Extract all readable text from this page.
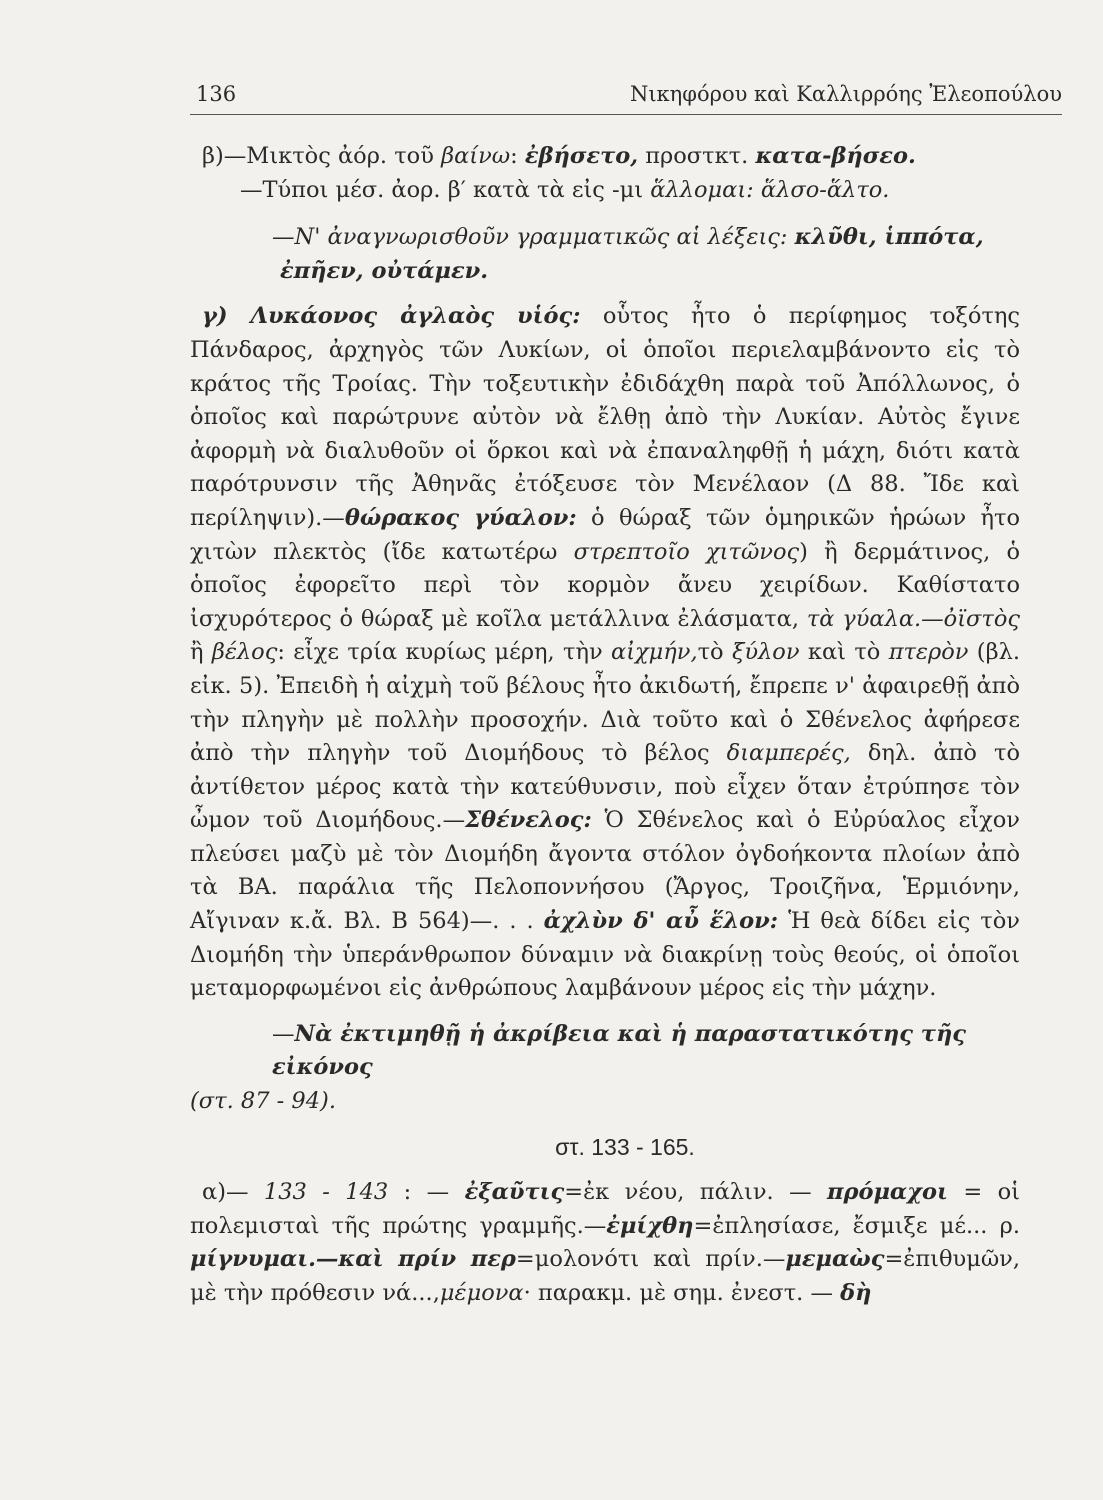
136	Νικηφόρου καὶ Καλλιρρόης Ἐλεοπούλου

β)—Μικτὸς ἀόρ. τοῦ βαίνω: ἐβήσετο, προστκτ. κατα-βήσεο.

—Τύποι μέσ. ἀορ. β′ κατὰ τὰ εἰς -μι ἅλλομαι: ἅλσο-ἅλτο.

—Ν' ἀναγνωρισθοῦν γραμματικῶς αἱ λέξεις: κλῦθι, ἱππότα,

ἐπῆεν, οὐτάμεν.

γ) Λυκάονος ἀγλαὸς υἱός: οὗτος ἦτο ὁ περίφημος τοξότης Πάνδαρος, ἀρχηγὸς τῶν Λυκίων, οἱ ὁποῖοι περιελαμβάνοντο εἰς τὸ κράτος τῆς Τροίας. Τὴν τοξευτικὴν ἐδιδάχθη παρὰ τοῦ Ἀπόλλωνος, ὁ ὁποῖος καὶ παρώτρυνε αὐτὸν νὰ ἔλθῃ ἀπὸ τὴν Λυκίαν. Αὐτὸς ἔγινε ἀφορμὴ νὰ διαλυθοῦν οἱ ὅρκοι καὶ νὰ ἐπαναληφθῇ ἡ μάχη, διότι κατὰ παρότρυνσιν τῆς Ἀθηνᾶς ἐτόξευσε τὸν Μενέλαον (Δ 88. Ἴδε καὶ περίληψιν).—θώρακος γύαλον: ὁ θώραξ τῶν ὁμηρικῶν ἡρώων ἦτο χιτὼν πλεκτὸς (ἴδε κατωτέρω στρεπτοῖο χιτῶνος) ἢ δερμάτινος, ὁ ὁποῖος ἐφορεῖτο περὶ τὸν κορμὸν ἄνευ χειρίδων. Καθίστατο ἰσχυρότερος ὁ θώραξ μὲ κοῖλα μετάλλινα ἐλάσματα, τὰ γύαλα.—ὀϊστὸς ἢ βέλος: εἶχε τρία κυρίως μέρη, τὴν αἰχμήν,τὸ ξύλον καὶ τὸ πτερὸν (βλ. εἰκ. 5). Ἐπειδὴ ἡ αἰχμὴ τοῦ βέλους ἦτο ἀκιδωτή, ἔπρεπε ν' ἀφαιρεθῇ ἀπὸ τὴν πληγὴν μὲ πολλὴν προσοχήν. Διὰ τοῦτο καὶ ὁ Σθένελος ἀφήρεσε ἀπὸ τὴν πληγὴν τοῦ Διομήδους τὸ βέλος διαμπερές, δηλ. ἀπὸ τὸ ἀντίθετον μέρος κατὰ τὴν κατεύθυνσιν, ποὺ εἶχεν ὅταν ἐτρύπησε τὸν ὦμον τοῦ Διομήδους.—Σθένελος: Ὁ Σθένελος καὶ ὁ Εὐρύαλος εἶχον πλεύσει μαζὺ μὲ τὸν Διομήδη ἄγοντα στόλον ὀγδοήκοντα πλοίων ἀπὸ τὰ ΒΑ. παράλια τῆς Πελοποννήσου (Ἄργος, Τροιζῆνα, Ἑρμιόνην, Αἴγιναν κ.ἄ. Βλ. Β 564)—. . . ἀχλὺν δ' αὖ ἕλον: Ἡ θεὰ δίδει εἰς τὸν Διομήδη τὴν ὑπεράνθρωπον δύναμιν νὰ διακρίνῃ τοὺς θεούς, οἱ ὁποῖοι μεταμορφωμένοι εἰς ἀνθρώπους λαμβάνουν μέρος εἰς τὴν μάχην.

—Νὰ ἐκτιμηθῇ ἡ ἀκρίβεια καὶ ἡ παραστατικότης τῆς εἰκόνος

(στ. 87 - 94).

στ. 133 - 165.

α)— 133 - 143 : — ἐξαῦτις=ἐκ νέου, πάλιν. — πρόμαχοι = οἱ πολεμισταὶ τῆς πρώτης γραμμῆς.—ἐμίχθη=ἐπλησίασε, ἔσμιξε μέ... ρ. μίγνυμαι.—καὶ πρίν περ=μολονότι καὶ πρίν.—μεμαὼς=ἐπιθυμῶν, μὲ τὴν πρόθεσιν νά...,μέμονα· παρακμ. μὲ σημ. ἐνεστ. — δὴ
